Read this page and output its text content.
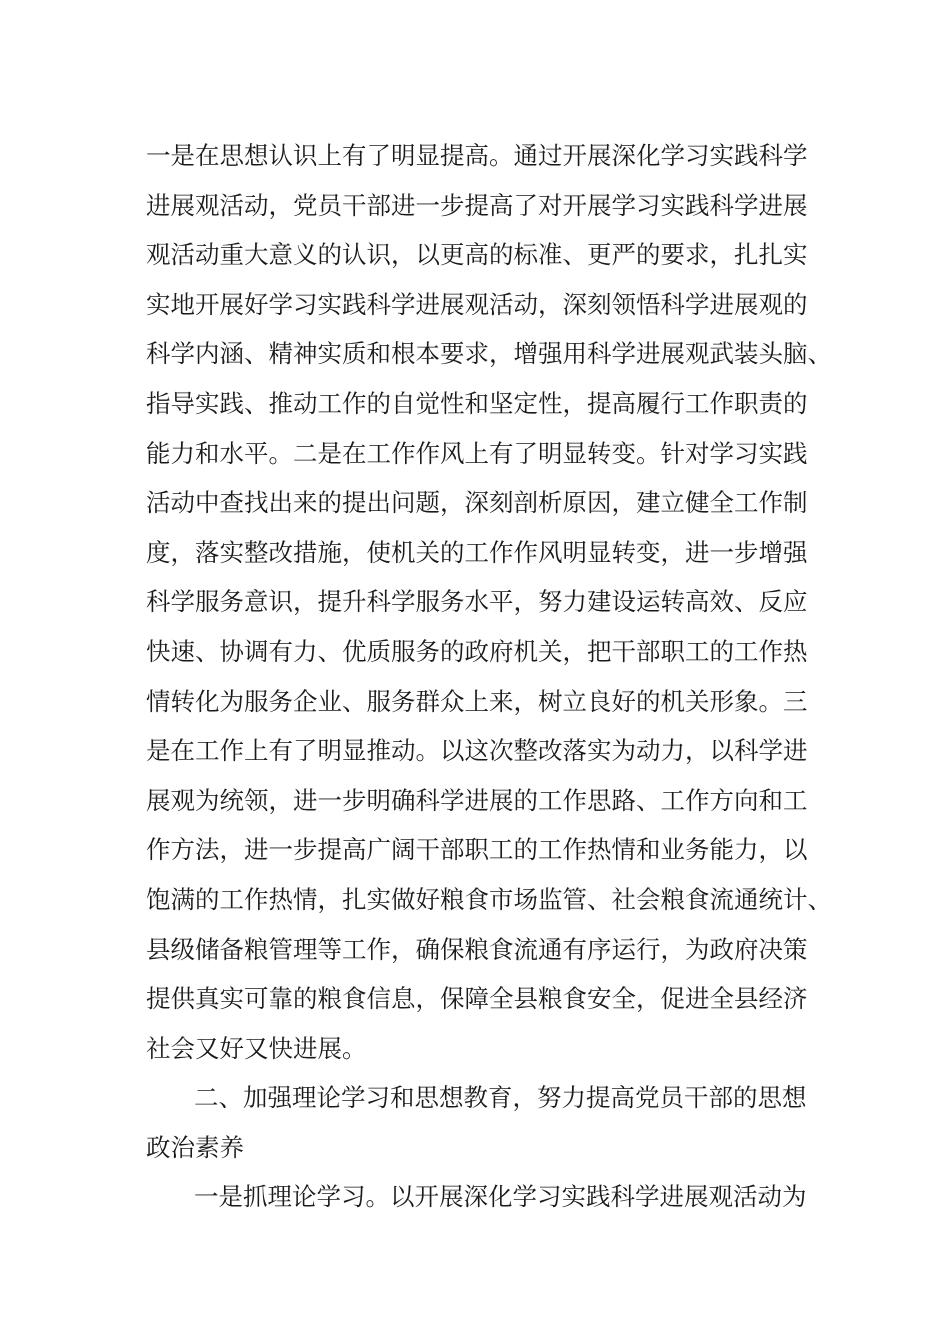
一是在思想认识上有了明显提高。通过开展深化学习实践科学
进展观活动，党员干部进一步提高了对开展学习实践科学进展
观活动重大意义的认识，以更高的标准、更严的要求，扎扎实
实地开展好学习实践科学进展观活动，深刻领悟科学进展观的
科学内涵、精神实质和根本要求，增强用科学进展观武装头脑、
指导实践、推动工作的自觉性和坚定性，提高履行工作职责的
能力和水平。二是在工作作风上有了明显转变。针对学习实践
活动中查找出来的提出问题，深刻剖析原因，建立健全工作制
度，落实整改措施，使机关的工作作风明显转变，进一步增强
科学服务意识，提升科学服务水平，努力建设运转高效、反应
快速、协调有力、优质服务的政府机关，把干部职工的工作热
情转化为服务企业、服务群众上来，树立良好的机关形象。三
是在工作上有了明显推动。以这次整改落实为动力，以科学进
展观为统领，进一步明确科学进展的工作思路、工作方向和工
作方法，进一步提高广阔干部职工的工作热情和业务能力，以
饱满的工作热情，扎实做好粮食市场监管、社会粮食流通统计、
县级储备粮管理等工作，确保粮食流通有序运行，为政府决策
提供真实可靠的粮食信息，保障全县粮食安全，促进全县经济
社会又好又快进展。
二、加强理论学习和思想教育，努力提高党员干部的思想
政治素养
一是抓理论学习。以开展深化学习实践科学进展观活动为
